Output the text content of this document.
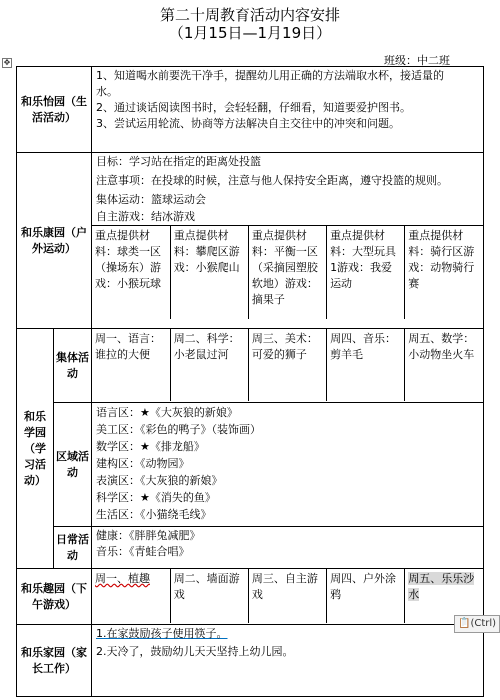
第二十周教育活动内容安排
（1月15日—1月19日）
班级：中二班
✥
和乐怡园（生活活动）	
1、知道喝水前要洗干净手，提醒幼儿用正确的方法端取水杯，接适量的
水。
2、通过谈话阅读图书时，会轻轻翻，仔细看，知道要爱护图书。
3、尝试运用轮流、协商等方法解决自主交往中的冲突和问题。

和乐康园（户外运动）	
目标：学习站在指定的距离处投篮
注意事项：在投球的时候，注意与他人保持安全距离，遵守投篮的规则。
集体运动：篮球运动会
自主游戏：结冰游戏
重点提供材料：球类一区（操场东）游戏：小猴玩球	重点提供材料：攀爬区游戏：小猴爬山	重点提供材料：平衡一区（采摘园塑胶软地）游戏：摘果子	重点提供材料：大型玩具1游戏：我爱运动	重点提供材料：骑行区游戏：动物骑行赛

和乐学园（学习活动）	集体活动	
周一、语言：谁拉的大便	周二、科学：小老鼠过河	周三、美术：可爱的狮子	周四、音乐：剪羊毛	周五、数学：小动物坐火车

区域活动	
语言区：★《大灰狼的新娘》
美工区：《彩色的鸭子》（装饰画）
数学区：★《排龙船》
建构区：《动物园》
表演区：《大灰狼的新娘》
科学区：★《消失的鱼》
生活区：《小猫绕毛线》

日常活动	
健康：《胖胖兔减肥》
音乐：《青蛙合唱》

和乐趣园（下午游戏）	
周一、植趣	周二、墙面游戏	周三、自主游戏	周四、户外涂鸦	周五、乐乐沙水

和乐家园（家长工作）	
1.在家鼓励孩子使用筷子。
2.天冷了，鼓励幼儿天天坚持上幼儿园。
📋(Ctrl)
